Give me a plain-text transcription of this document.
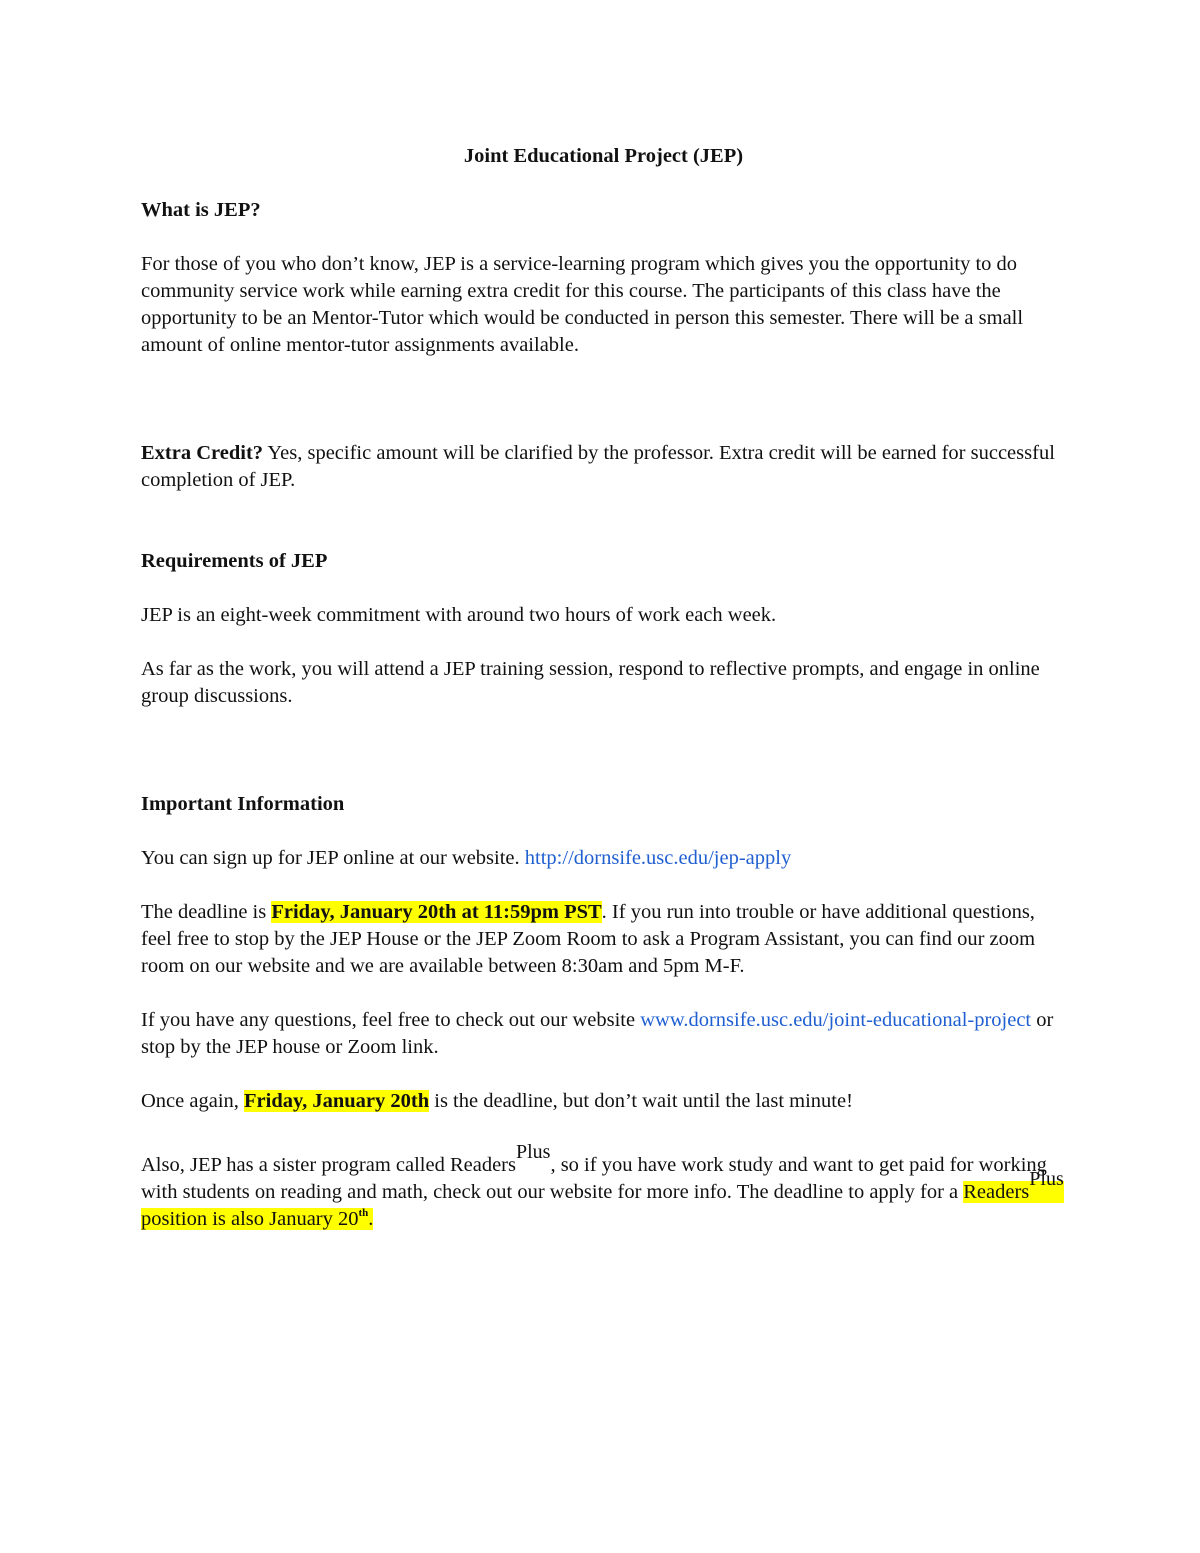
Joint Educational Project (JEP)

What is JEP?

For those of you who don’t know, JEP is a service-learning program which gives you the opportunity to do community service work while earning extra credit for this course. The participants of this class have the opportunity to be an Mentor-Tutor which would be conducted in person this semester. There will be a small amount of online mentor-tutor assignments available.

Extra Credit? Yes, specific amount will be clarified by the professor. Extra credit will be earned for successful completion of JEP.

Requirements of JEP

JEP is an eight-week commitment with around two hours of work each week.

As far as the work, you will attend a JEP training session, respond to reflective prompts, and engage in online group discussions.

Important Information

You can sign up for JEP online at our website. http://dornsife.usc.edu/jep-apply

The deadline is Friday, January 20th at 11:59pm PST. If you run into trouble or have additional questions, feel free to stop by the JEP House or the JEP Zoom Room to ask a Program Assistant, you can find our zoom room on our website and we are available between 8:30am and 5pm M-F.

If you have any questions, feel free to check out our website www.dornsife.usc.edu/joint-educational-project or stop by the JEP house or Zoom link.

Once again, Friday, January 20th is the deadline, but don’t wait until the last minute!

Also, JEP has a sister program called ReadersPlus, so if you have work study and want to get paid for working with students on reading and math, check out our website for more info. The deadline to apply for a ReadersPlus position is also January 20th.
